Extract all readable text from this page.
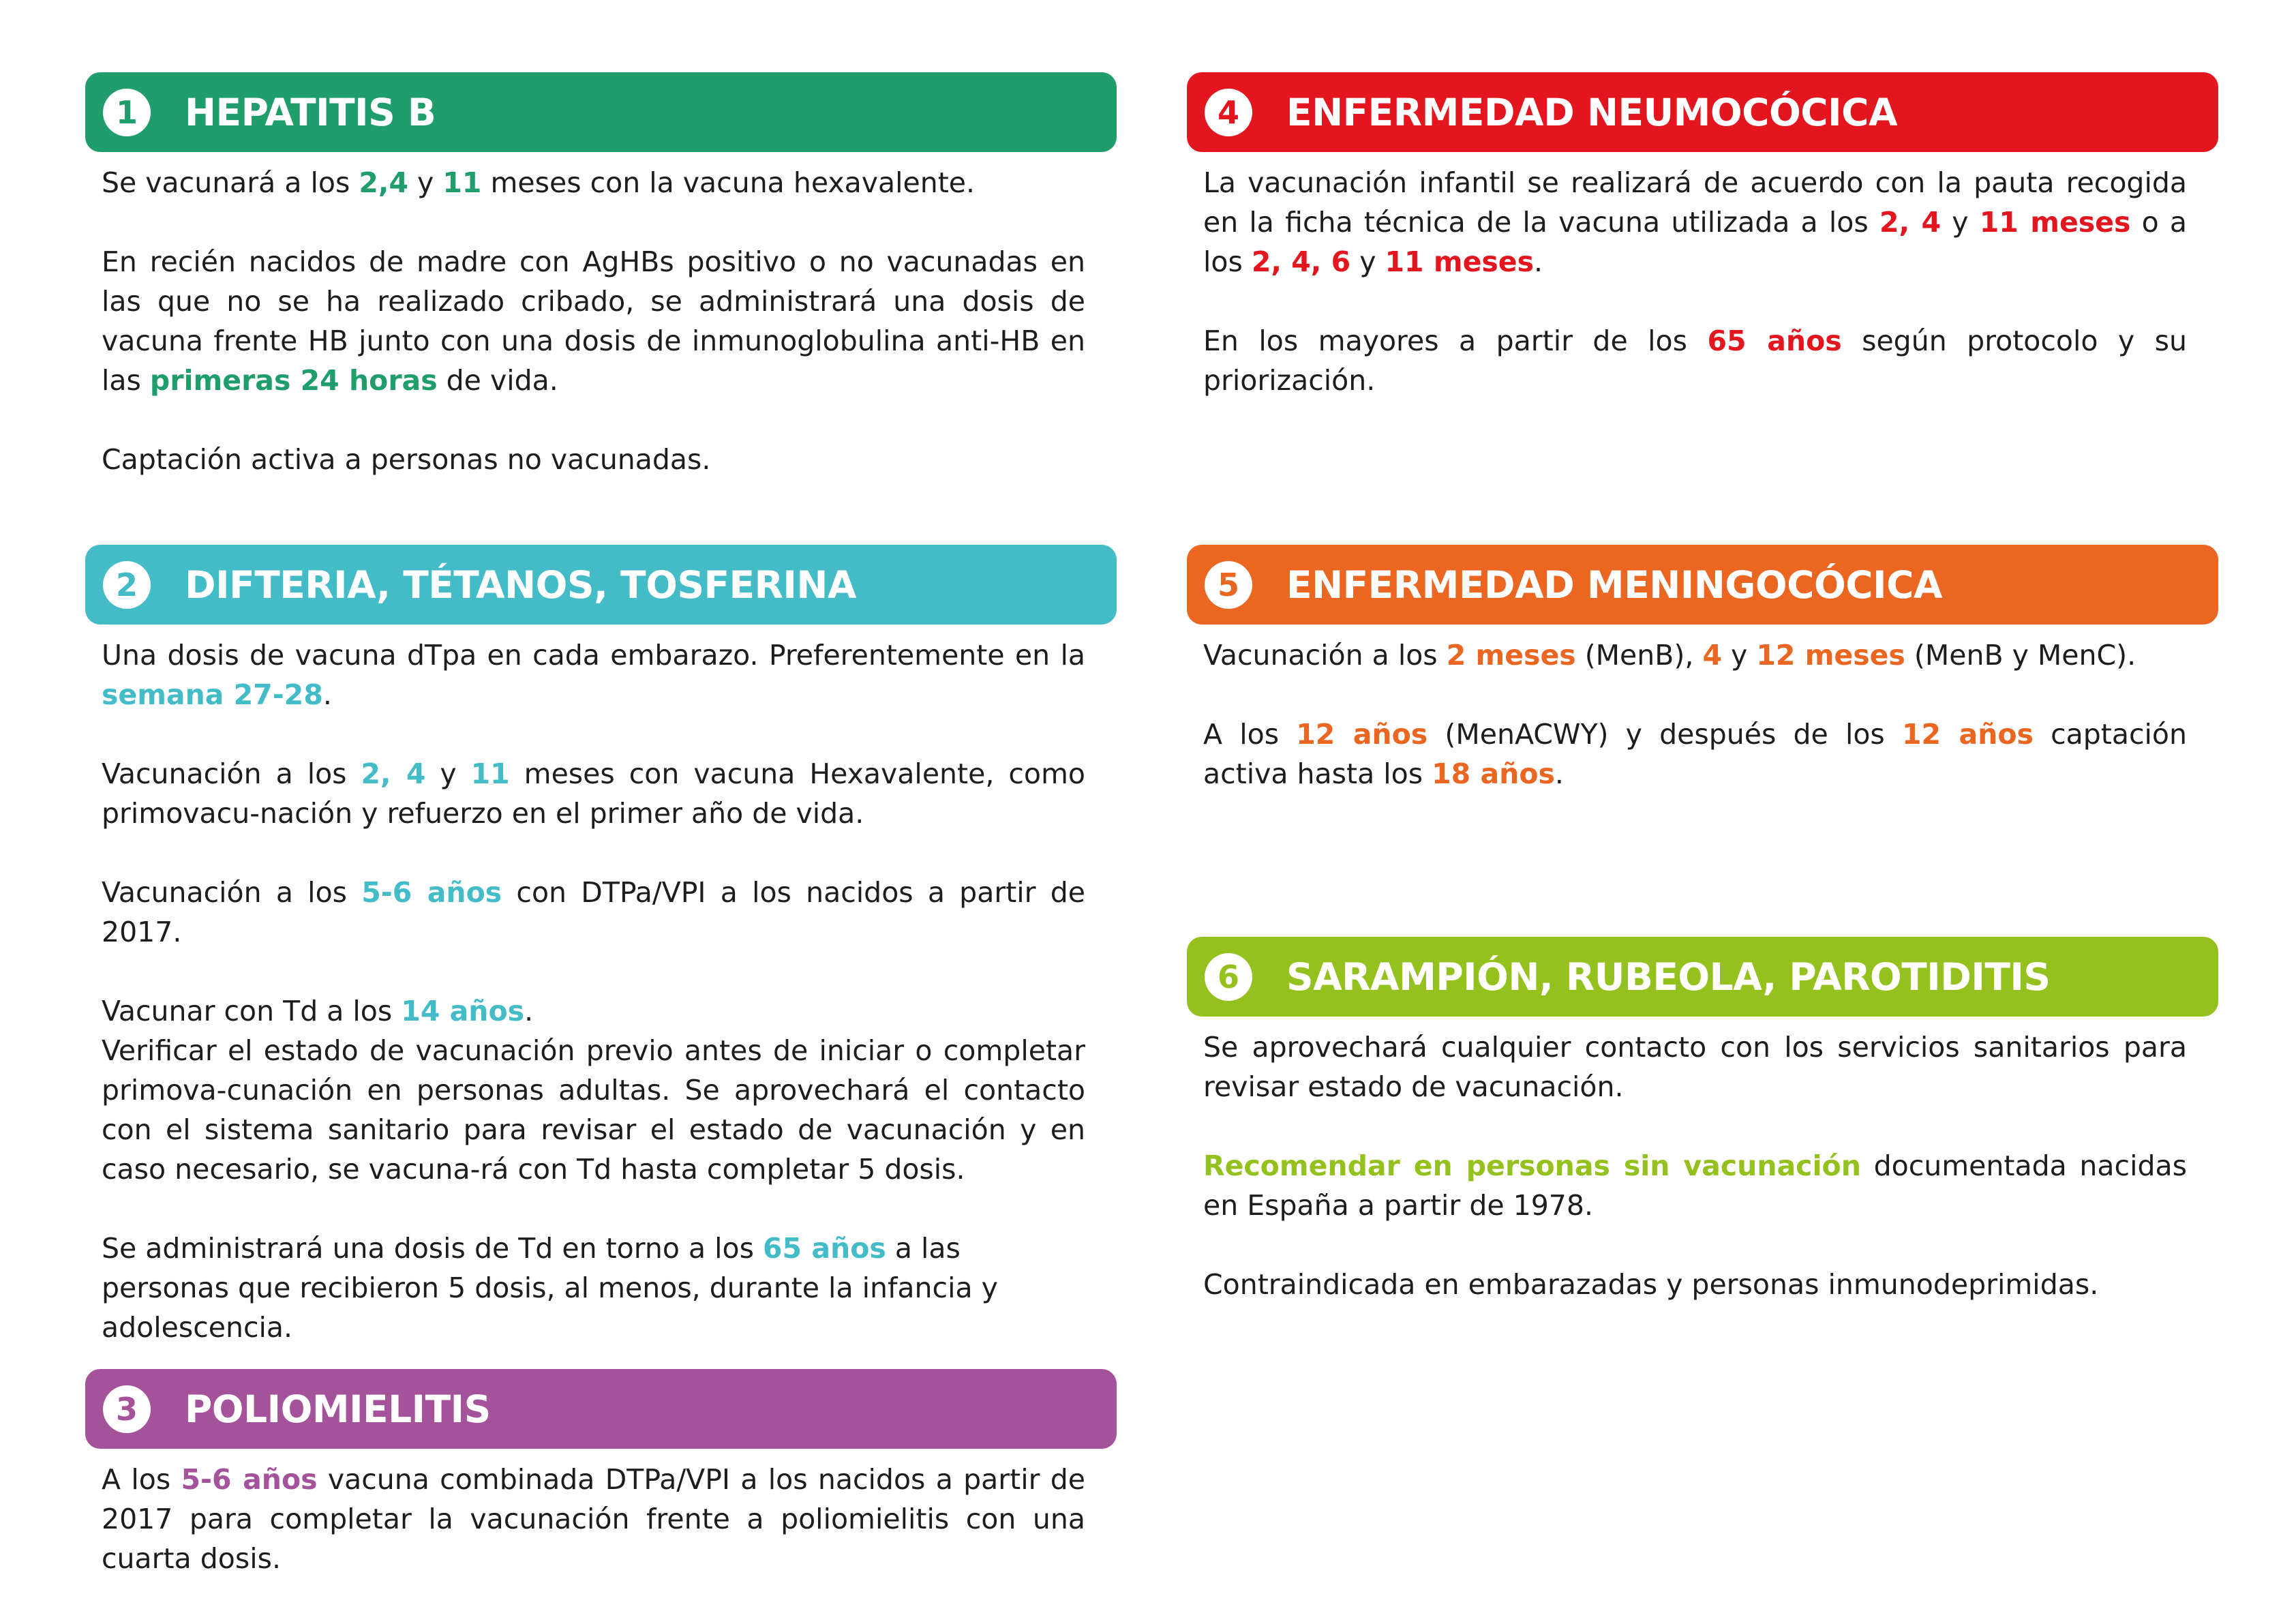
1	HEPATITIS B

Se vacunará a los 2,4 y 11 meses con la vacuna hexavalente.

En recién nacidos de madre con AgHBs positivo o no vacunadas en las que no se ha realizado cribado, se administrará una dosis de vacuna frente HB junto con una dosis de inmunoglobulina anti-HB en las primeras 24 horas de vida.

Captación activa a personas no vacunadas.

2	DIFTERIA, TÉTANOS, TOSFERINA

Una dosis de vacuna dTpa en cada embarazo. Preferentemente en la semana 27-28.

Vacunación a los 2, 4 y 11 meses con vacuna Hexavalente, como primovacu-nación y refuerzo en el primer año de vida.

Vacunación a los 5-6 años con DTPa/VPI a los nacidos a partir de 2017.

Vacunar con Td a los 14 años.

Verificar el estado de vacunación previo antes de iniciar o completar primova-cunación en personas adultas. Se aprovechará el contacto con el sistema sanitario para revisar el estado de vacunación y en caso necesario, se vacuna-rá con Td hasta completar 5 dosis.

Se administrará una dosis de Td en torno a los 65 años a las personas que recibieron 5 dosis, al menos, durante la infancia y adolescencia.

3	POLIOMIELITIS

A los 5-6 años vacuna combinada DTPa/VPI a los nacidos a partir de 2017 para completar la vacunación frente a poliomielitis con una cuarta dosis.

4	ENFERMEDAD NEUMOCÓCICA

La vacunación infantil se realizará de acuerdo con la pauta recogida en la ficha técnica de la vacuna utilizada a los 2, 4 y 11 meses o a los 2, 4, 6 y 11 meses.

En los mayores a partir de los 65 años según protocolo y su priorización.

5	ENFERMEDAD MENINGOCÓCICA

Vacunación a los 2 meses (MenB), 4 y 12 meses (MenB y MenC).

A los 12 años (MenACWY) y después de los 12 años captación activa hasta los 18 años.

6	SARAMPIÓN, RUBEOLA, PAROTIDITIS

Se aprovechará cualquier contacto con los servicios sanitarios para revisar estado de vacunación.

Recomendar en personas sin vacunación documentada nacidas en España a partir de 1978.

Contraindicada en embarazadas y personas inmunodeprimidas.
